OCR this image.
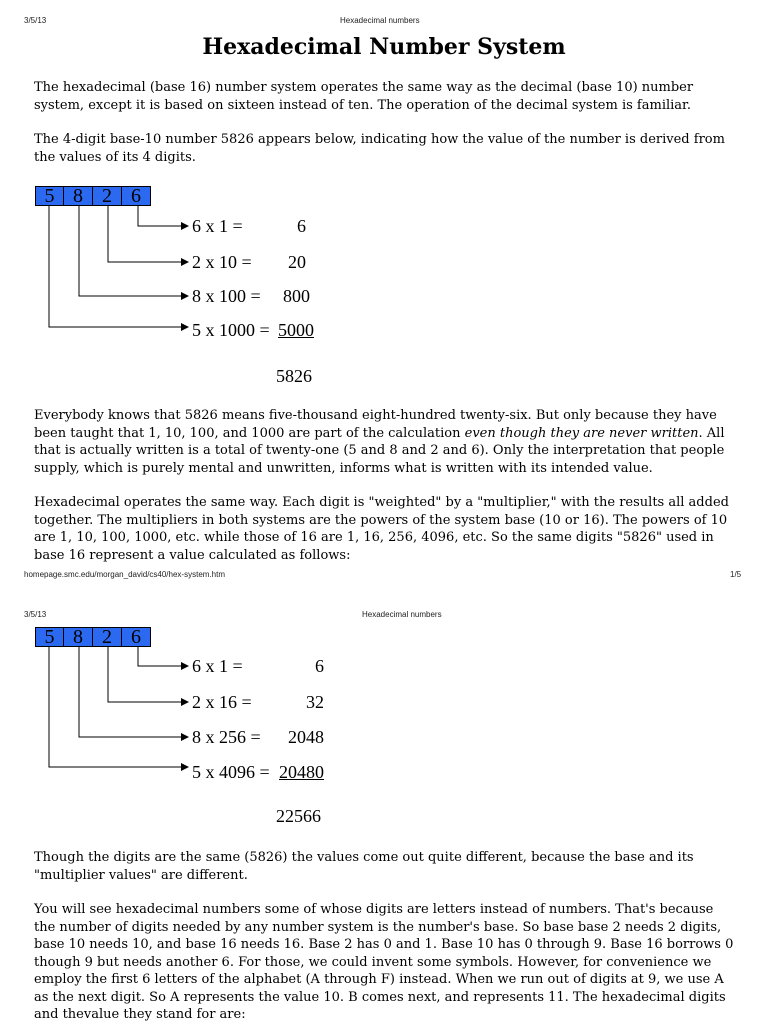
3/5/13	Hexadecimal numbers
Hexadecimal Number System

The hexadecimal (base 16) number system operates the same way as the decimal (base 10) number system, except it is based on sixteen instead of ten. The operation of the decimal system is familiar.

The 4-digit base-10 number 5826 appears below, indicating how the value of the number is derived from the values of its 4 digits.

5 8 2 6
6 x 1 =	6
2 x 10 =	20
8 x 100 =	800
5 x 1000 = 5000
5826

Everybody knows that 5826 means five-thousand eight-hundred twenty-six. But only because they have been taught that 1, 10, 100, and 1000 are part of the calculation even though they are never written. All that is actually written is a total of twenty-one (5 and 8 and 2 and 6). Only the interpretation that people supply, which is purely mental and unwritten, informs what is written with its intended value.

Hexadecimal operates the same way. Each digit is "weighted" by a "multiplier," with the results all added together. The multipliers in both systems are the powers of the system base (10 or 16). The powers of 10 are 1, 10, 100, 1000, etc. while those of 16 are 1, 16, 256, 4096, etc. So the same digits "5826" used in base 16 represent a value calculated as follows:

homepage.smc.edu/morgan_david/cs40/hex-system.htm	1/5
3/5/13	Hexadecimal numbers
5 8 2 6
6 x 1 =	6
2 x 16 =	32
8 x 256 =	2048
5 x 4096 = 20480
22566

Though the digits are the same (5826) the values come out quite different, because the base and its "multiplier values" are different.

You will see hexadecimal numbers some of whose digits are letters instead of numbers. That's because the number of digits needed by any number system is the number's base. So base base 2 needs 2 digits, base 10 needs 10, and base 16 needs 16. Base 2 has 0 and 1. Base 10 has 0 through 9. Base 16 borrows 0 though 9 but needs another 6. For those, we could invent some symbols. However, for convenience we employ the first 6 letters of the alphabet (A through F) instead. When we run out of digits at 9, we use A as the next digit. So A represents the value 10. B comes next, and represents 11. The hexadecimal digits and thevalue they stand for are:
